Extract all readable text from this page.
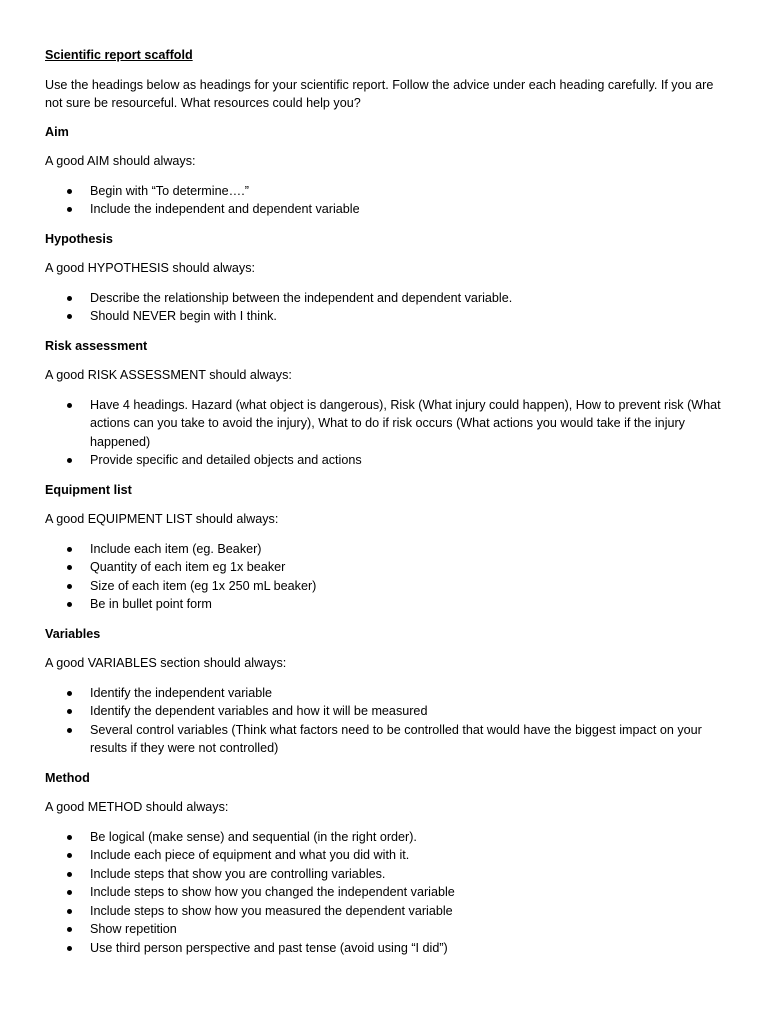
Scientific report scaffold

Use the headings below as headings for your scientific report. Follow the advice under each heading carefully. If you are not sure be resourceful. What resources could help you?

Aim

A good AIM should always:

Begin with “To determine….”
Include the independent and dependent variable

Hypothesis

A good HYPOTHESIS should always:

Describe the relationship between the independent and dependent variable.
Should NEVER begin with I think.

Risk assessment

A good RISK ASSESSMENT should always:

Have 4 headings. Hazard (what object is dangerous), Risk (What injury could happen), How to prevent risk (What actions can you take to avoid the injury), What to do if risk occurs (What actions you would take if the injury happened)
Provide specific and detailed objects and actions

Equipment list

A good EQUIPMENT LIST should always:

Include each item (eg. Beaker)
Quantity of each item eg 1x beaker
Size of each item (eg 1x 250 mL beaker)
Be in bullet point form

Variables

A good VARIABLES section should always:

Identify the independent variable
Identify the dependent variables and how it will be measured
Several control variables (Think what factors need to be controlled that would have the biggest impact on your results if they were not controlled)

Method

A good METHOD should always:

Be logical (make sense) and sequential (in the right order).
Include each piece of equipment and what you did with it.
Include steps that show you are controlling variables.
Include steps to show how you changed the independent variable
Include steps to show how you measured the dependent variable
Show repetition
Use third person perspective and past tense (avoid using “I did”)
